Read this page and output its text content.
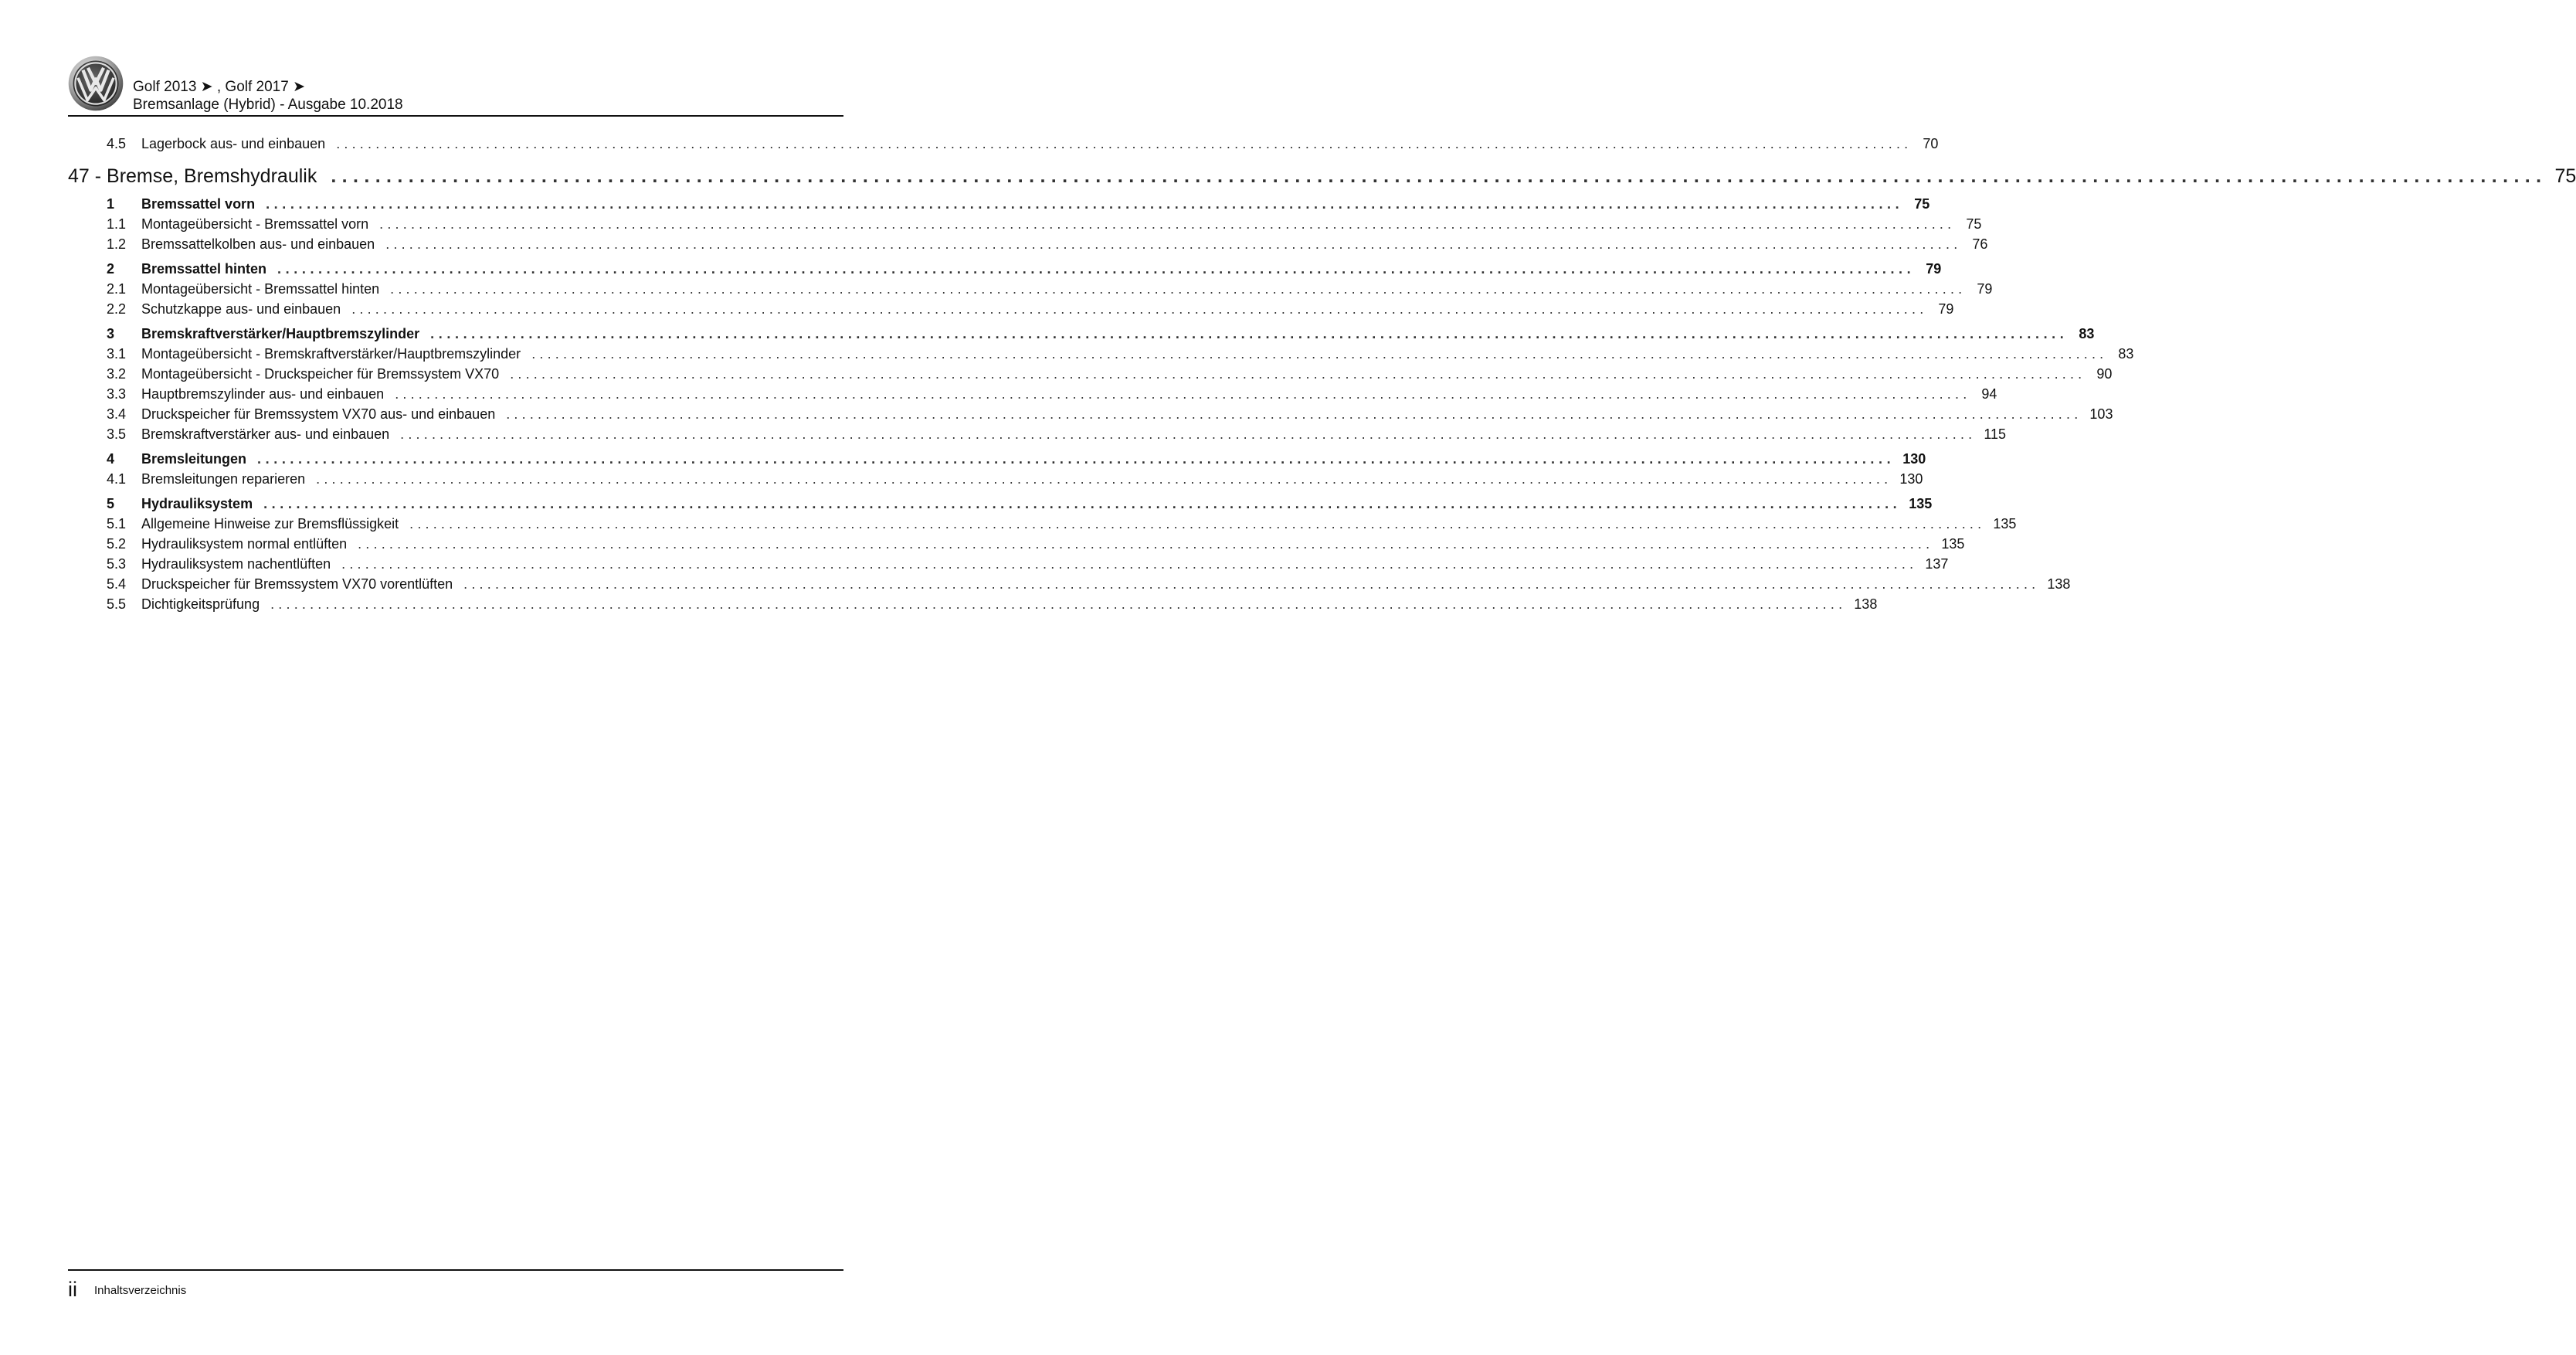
Golf 2013 ➤ , Golf 2017 ➤
Bremsanlage (Hybrid) - Ausgabe 10.2018
4.5	Lagerbock aus- und einbauen ........................................................................................................................................................................................................ 70
47 - Bremse, Bremshydraulik ........................................................................................................................................................................................................ 75
1	Bremssattel vorn ........................................................................................................................................................................................................ 75
1.1	Montageübersicht - Bremssattel vorn ........................................................................................................................................................................................................ 75
1.2	Bremssattelkolben aus- und einbauen ........................................................................................................................................................................................................ 76
2	Bremssattel hinten ........................................................................................................................................................................................................ 79
2.1	Montageübersicht - Bremssattel hinten ........................................................................................................................................................................................................ 79
2.2	Schutzkappe aus- und einbauen ........................................................................................................................................................................................................ 79
3	Bremskraftverstärker/Hauptbremszylinder ........................................................................................................................................................................................................ 83
3.1	Montageübersicht - Bremskraftverstärker/Hauptbremszylinder ........................................................................................................................................................................................................ 83
3.2	Montageübersicht - Druckspeicher für Bremssystem VX70 ........................................................................................................................................................................................................ 90
3.3	Hauptbremszylinder aus- und einbauen ........................................................................................................................................................................................................ 94
3.4	Druckspeicher für Bremssystem VX70 aus- und einbauen ........................................................................................................................................................................................................ 103
3.5	Bremskraftverstärker aus- und einbauen ........................................................................................................................................................................................................ 115
4	Bremsleitungen ........................................................................................................................................................................................................ 130
4.1	Bremsleitungen reparieren ........................................................................................................................................................................................................ 130
5	Hydrauliksystem ........................................................................................................................................................................................................ 135
5.1	Allgemeine Hinweise zur Bremsflüssigkeit ........................................................................................................................................................................................................ 135
5.2	Hydrauliksystem normal entlüften ........................................................................................................................................................................................................ 135
5.3	Hydrauliksystem nachentlüften ........................................................................................................................................................................................................ 137
5.4	Druckspeicher für Bremssystem VX70 vorentlüften ........................................................................................................................................................................................................ 138
5.5	Dichtigkeitsprüfung ........................................................................................................................................................................................................ 138
ii Inhaltsverzeichnis
